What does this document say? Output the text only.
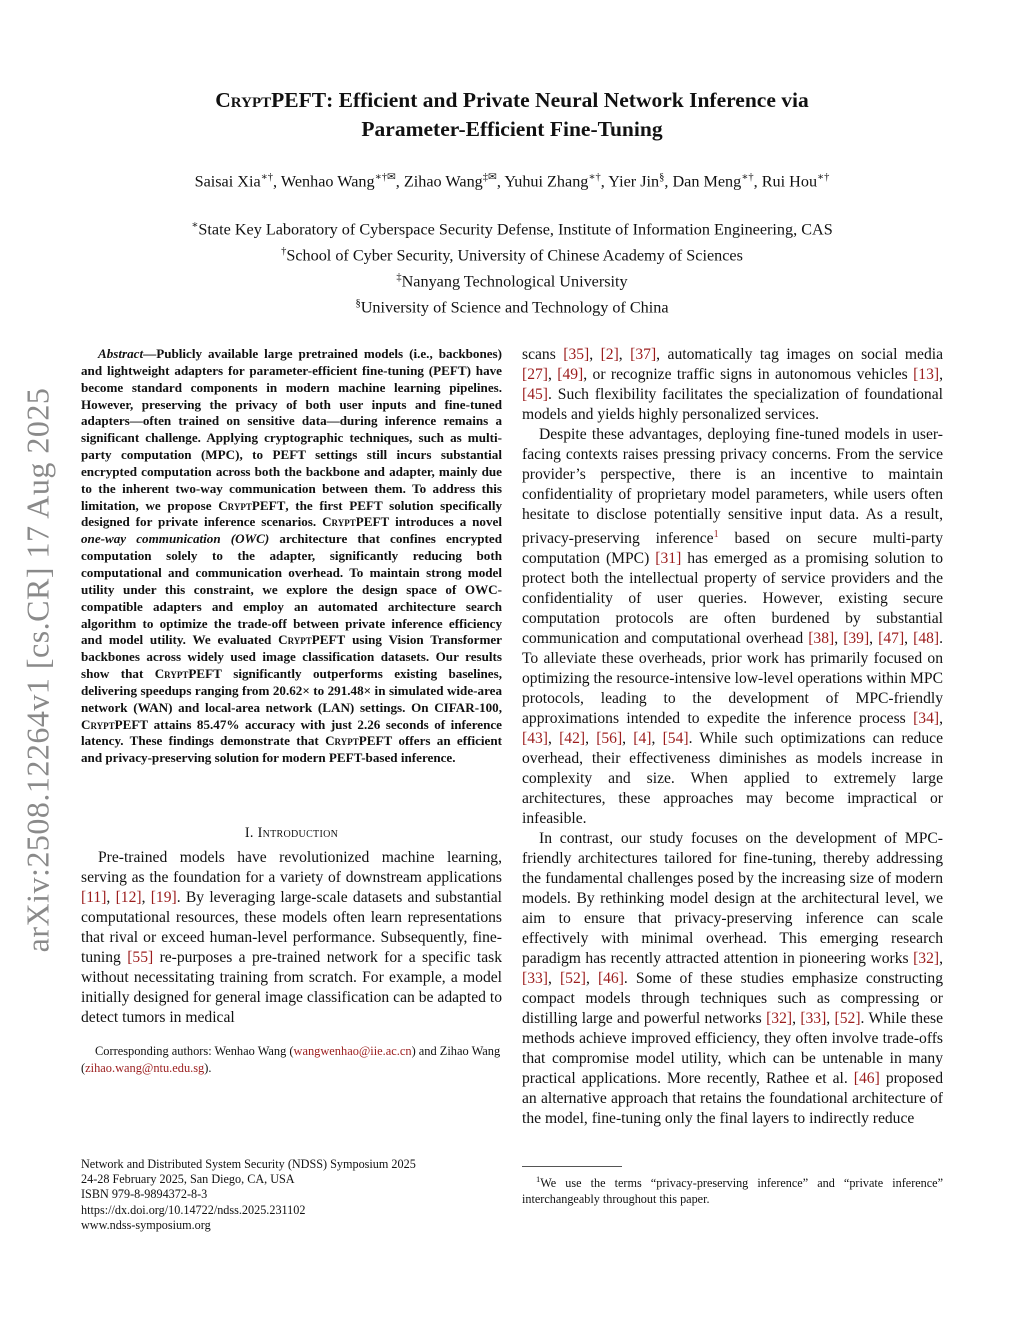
arXiv:2508.12264v1 [cs.CR] 17 Aug 2025
CryptPEFT: Efficient and Private Neural Network Inference via
Parameter-Efficient Fine-Tuning
Saisai Xia∗†, Wenhao Wang∗†✉, Zihao Wang‡✉, Yuhui Zhang∗†, Yier Jin§, Dan Meng∗†, Rui Hou∗†
∗State Key Laboratory of Cyberspace Security Defense, Institute of Information Engineering, CAS
†School of Cyber Security, University of Chinese Academy of Sciences
‡Nanyang Technological University
§University of Science and Technology of China

Abstract—Publicly available large pretrained models (i.e., backbones) and lightweight adapters for parameter-efficient fine-tuning (PEFT) have become standard components in modern machine learning pipelines. However, preserving the privacy of both user inputs and fine-tuned adapters—often trained on sensitive data—during inference remains a significant challenge. Applying cryptographic techniques, such as multi-party computation (MPC), to PEFT settings still incurs substantial encrypted computation across both the backbone and adapter, mainly due to the inherent two-way communication between them. To address this limitation, we propose CryptPEFT, the first PEFT solution specifically designed for private inference scenarios. CryptPEFT introduces a novel one-way communication (OWC) architecture that confines encrypted computation solely to the adapter, significantly reducing both computational and communication overhead. To maintain strong model utility under this constraint, we explore the design space of OWC-compatible adapters and employ an automated architecture search algorithm to optimize the trade-off between private inference efficiency and model utility. We evaluated CryptPEFT using Vision Transformer backbones across widely used image classification datasets. Our results show that CryptPEFT significantly outperforms existing baselines, delivering speedups ranging from 20.62× to 291.48× in simulated wide-area network (WAN) and local-area network (LAN) settings. On CIFAR-100, CryptPEFT attains 85.47% accuracy with just 2.26 seconds of inference latency. These findings demonstrate that CryptPEFT offers an efficient and privacy-preserving solution for modern PEFT-based inference.

I. Introduction

Pre-trained models have revolutionized machine learning, serving as the foundation for a variety of downstream applications [11], [12], [19]. By leveraging large-scale datasets and substantial computational resources, these models often learn representations that rival or exceed human-level performance. Subsequently, fine-tuning [55] re-purposes a pre-trained network for a specific task without necessitating training from scratch. For example, a model initially designed for general image classification can be adapted to detect tumors in medical

Corresponding authors: Wenhao Wang (wangwenhao@iie.ac.cn) and Zihao Wang (zihao.wang@ntu.edu.sg).
Network and Distributed System Security (NDSS) Symposium 2025
24-28 February 2025, San Diego, CA, USA
ISBN 979-8-9894372-8-3
https://dx.doi.org/10.14722/ndss.2025.231102
www.ndss-symposium.org

scans [35], [2], [37], automatically tag images on social media [27], [49], or recognize traffic signs in autonomous vehicles [13], [45]. Such flexibility facilitates the specialization of foundational models and yields highly personalized services.

Despite these advantages, deploying fine-tuned models in user-facing contexts raises pressing privacy concerns. From the service provider’s perspective, there is an incentive to maintain confidentiality of proprietary model parameters, while users often hesitate to disclose potentially sensitive input data. As a result, privacy-preserving inference$^1$ based on secure multi-party computation (MPC) [31] has emerged as a promising solution to protect both the intellectual property of service providers and the confidentiality of user queries. However, existing secure computation protocols are often burdened by substantial communication and computational overhead [38], [39], [47], [48]. To alleviate these overheads, prior work has primarily focused on optimizing the resource-intensive low-level operations within MPC protocols, leading to the development of MPC-friendly approximations intended to expedite the inference process [34], [43], [42], [56], [4], [54]. While such optimizations can reduce overhead, their effectiveness diminishes as models increase in complexity and size. When applied to extremely large architectures, these approaches may become impractical or infeasible.

In contrast, our study focuses on the development of MPC-friendly architectures tailored for fine-tuning, thereby addressing the fundamental challenges posed by the increasing size of modern models. By rethinking model design at the architectural level, we aim to ensure that privacy-preserving inference can scale effectively with minimal overhead. This emerging research paradigm has recently attracted attention in pioneering works [32], [33], [52], [46]. Some of these studies emphasize constructing compact models through techniques such as compressing or distilling large and powerful networks [32], [33], [52]. While these methods achieve improved efficiency, they often involve trade-offs that compromise model utility, which can be untenable in many practical applications. More recently, Rathee et al. [46] proposed an alternative approach that retains the foundational architecture of the model, fine-tuning only the final layers to indirectly reduce

$^1$We use the terms “privacy-preserving inference” and “private inference” interchangeably throughout this paper.
